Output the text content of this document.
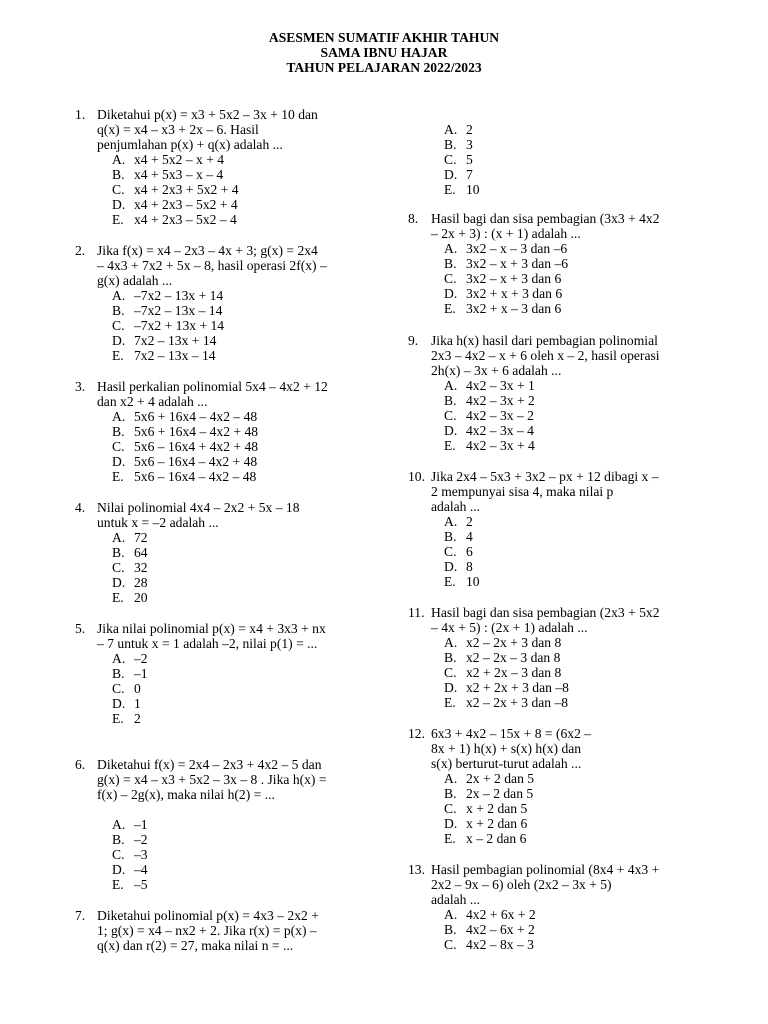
ASESMEN SUMATIF AKHIR TAHUN
SAMA IBNU HAJAR
TAHUN PELAJARAN 2022/2023
1. Diketahui p(x) = x3 + 5x2 – 3x + 10 dan
q(x) = x4 – x3 + 2x – 6. Hasil
penjumlahan p(x) + q(x) adalah ...
A. x4 + 5x2 – x + 4
B. x4 + 5x3 – x – 4
C. x4 + 2x3 + 5x2 + 4
D. x4 + 2x3 – 5x2 + 4
E. x4 + 2x3 – 5x2 – 4
2. Jika f(x) = x4 – 2x3 – 4x + 3; g(x) = 2x4
– 4x3 + 7x2 + 5x – 8, hasil operasi 2f(x) –
g(x) adalah ...
A. –7x2 – 13x + 14
B. –7x2 – 13x – 14
C. –7x2 + 13x + 14
D. 7x2 – 13x + 14
E. 7x2 – 13x – 14
3. Hasil perkalian polinomial 5x4 – 4x2 + 12
dan x2 + 4 adalah ...
A. 5x6 + 16x4 – 4x2 – 48
B. 5x6 + 16x4 – 4x2 + 48
C. 5x6 – 16x4 + 4x2 + 48
D. 5x6 – 16x4 – 4x2 + 48
E. 5x6 – 16x4 – 4x2 – 48
4. Nilai polinomial 4x4 – 2x2 + 5x – 18
untuk x = –2 adalah ...
A. 72
B. 64
C. 32
D. 28
E. 20
5. Jika nilai polinomial p(x) = x4 + 3x3 + nx
– 7 untuk x = 1 adalah –2, nilai p(1) = ...
A. –2
B. –1
C. 0
D. 1
E. 2
6. Diketahui f(x) = 2x4 – 2x3 + 4x2 – 5 dan
g(x) = x4 – x3 + 5x2 – 3x – 8 . Jika h(x) =
f(x) – 2g(x), maka nilai h(2) = ...
A. –1
B. –2
C. –3
D. –4
E. –5
7. Diketahui polinomial p(x) = 4x3 – 2x2 +
1; g(x) = x4 – nx2 + 2. Jika r(x) = p(x) –
q(x) dan r(2) = 27, maka nilai n = ...
A. 2
B. 3
C. 5
D. 7
E. 10
8. Hasil bagi dan sisa pembagian (3x3 + 4x2
– 2x + 3) : (x + 1) adalah ...
A. 3x2 – x – 3 dan –6
B. 3x2 – x + 3 dan –6
C. 3x2 – x + 3 dan 6
D. 3x2 + x + 3 dan 6
E. 3x2 + x – 3 dan 6
9. Jika h(x) hasil dari pembagian polinomial
2x3 – 4x2 – x + 6 oleh x – 2, hasil operasi
2h(x) – 3x + 6 adalah ...
A. 4x2 – 3x + 1
B. 4x2 – 3x + 2
C. 4x2 – 3x – 2
D. 4x2 – 3x – 4
E. 4x2 – 3x + 4
10. Jika 2x4 – 5x3 + 3x2 – px + 12 dibagi x –
2 mempunyai sisa 4, maka nilai p
adalah ...
A. 2
B. 4
C. 6
D. 8
E. 10
11. Hasil bagi dan sisa pembagian (2x3 + 5x2
– 4x + 5) : (2x + 1) adalah ...
A. x2 – 2x + 3 dan 8
B. x2 – 2x – 3 dan 8
C. x2 + 2x – 3 dan 8
D. x2 + 2x + 3 dan –8
E. x2 – 2x + 3 dan –8
12. 6x3 + 4x2 – 15x + 8 = (6x2 –
8x + 1) h(x) + s(x) h(x) dan
s(x) berturut-turut adalah ...
A. 2x + 2 dan 5
B. 2x – 2 dan 5
C. x + 2 dan 5
D. x + 2 dan 6
E. x – 2 dan 6
13. Hasil pembagian polinomial (8x4 + 4x3 +
2x2 – 9x – 6) oleh (2x2 – 3x + 5)
adalah ...
A. 4x2 + 6x + 2
B. 4x2 – 6x + 2
C. 4x2 – 8x – 3
